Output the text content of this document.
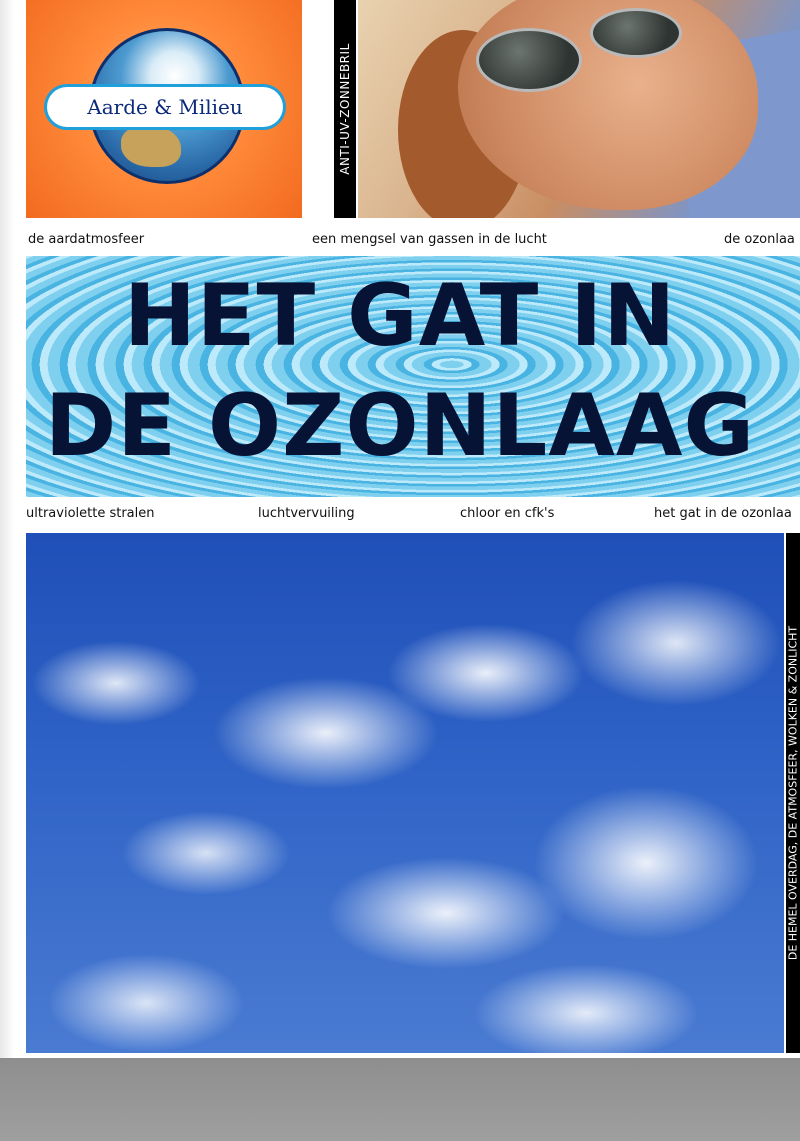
Aarde & Milieu	ANTI-UV-ZONNEBRIL
de aardatmosfeer	een mengsel van gassen in de lucht	de ozonlaa
HET GAT IN
DE OZONLAAG
ultraviolette stralen	luchtvervuiling	chloor en cfk's	het gat in de ozonlaa
DE HEMEL OVERDAG, DE ATMOSFEER, WOLKEN & ZONLICHT
